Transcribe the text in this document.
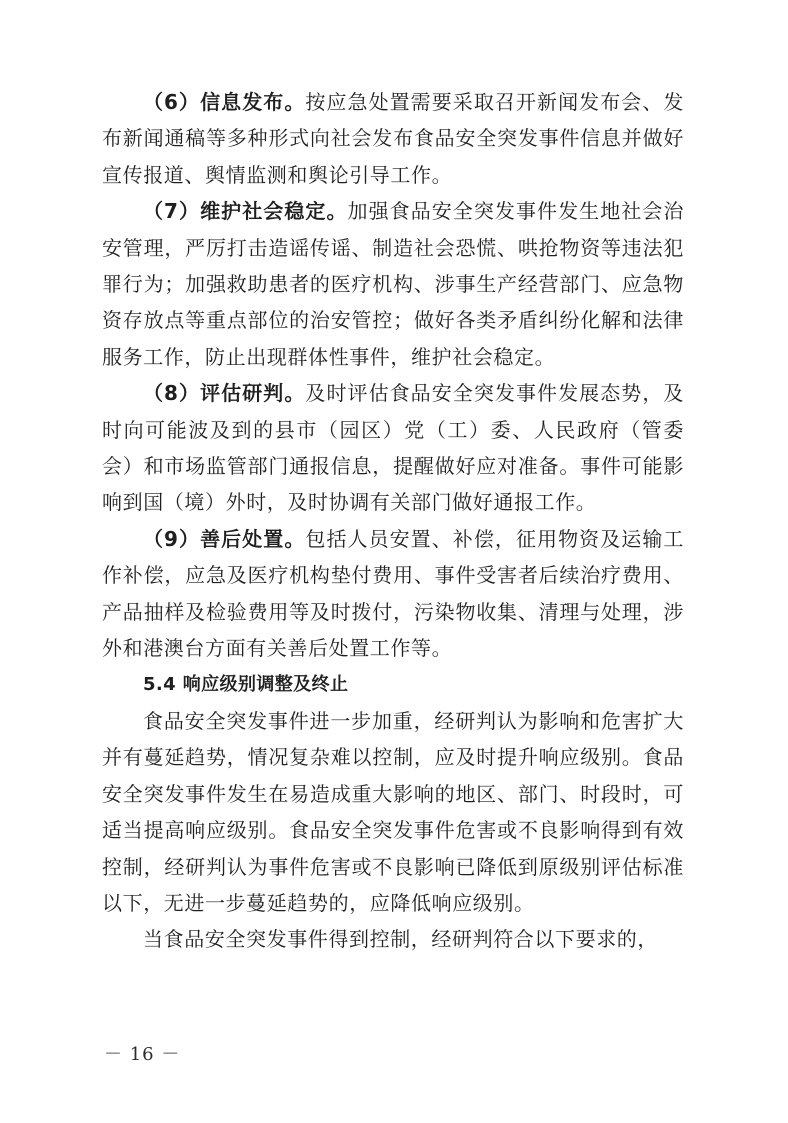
（6）信息发布。按应急处置需要采取召开新闻发布会、发布新闻通稿等多种形式向社会发布食品安全突发事件信息并做好宣传报道、舆情监测和舆论引导工作。

（7）维护社会稳定。加强食品安全突发事件发生地社会治安管理，严厉打击造谣传谣、制造社会恐慌、哄抢物资等违法犯罪行为；加强救助患者的医疗机构、涉事生产经营部门、应急物资存放点等重点部位的治安管控；做好各类矛盾纠纷化解和法律服务工作，防止出现群体性事件，维护社会稳定。

（8）评估研判。及时评估食品安全突发事件发展态势，及时向可能波及到的县市（园区）党（工）委、人民政府（管委会）和市场监管部门通报信息，提醒做好应对准备。事件可能影响到国（境）外时，及时协调有关部门做好通报工作。

（9）善后处置。包括人员安置、补偿，征用物资及运输工作补偿，应急及医疗机构垫付费用、事件受害者后续治疗费用、产品抽样及检验费用等及时拨付，污染物收集、清理与处理，涉外和港澳台方面有关善后处置工作等。

5.4 响应级别调整及终止

食品安全突发事件进一步加重，经研判认为影响和危害扩大并有蔓延趋势，情况复杂难以控制，应及时提升响应级别。食品安全突发事件发生在易造成重大影响的地区、部门、时段时，可适当提高响应级别。食品安全突发事件危害或不良影响得到有效控制，经研判认为事件危害或不良影响已降低到原级别评估标准以下，无进一步蔓延趋势的，应降低响应级别。

当食品安全突发事件得到控制，经研判符合以下要求的，

－ 16 －
